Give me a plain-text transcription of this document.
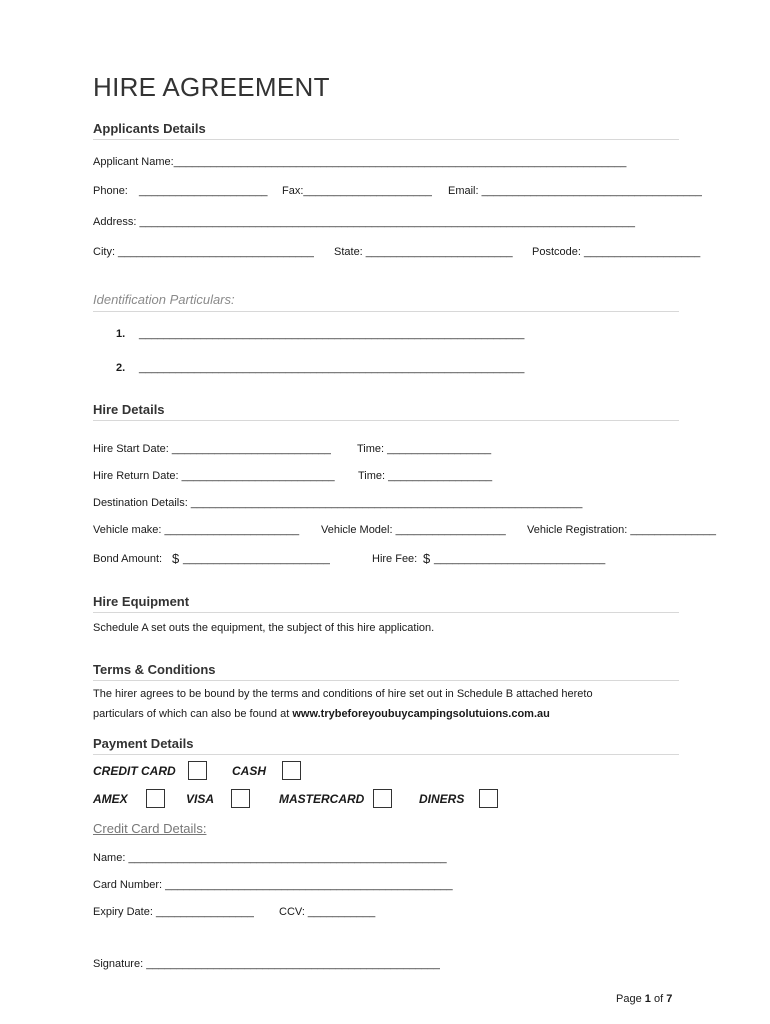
HIRE AGREEMENT
Applicants Details
Applicant Name:__________________________________________________________________________
Phone: _____________________ Fax:_____________________ Email: ____________________________________
Address: _________________________________________________________________________________
City: ________________________________ State: ________________________ Postcode: ___________________
Identification Particulars:
1. _______________________________________________________________
2. _______________________________________________________________
Hire Details
Hire Start Date: __________________________ Time: _________________
Hire Return Date: _________________________ Time: _________________
Destination Details: ________________________________________________________________
Vehicle make: ______________________ Vehicle Model: __________________ Vehicle Registration: ______________
Bond Amount: $ ________________________	Hire Fee: $ ____________________________
Hire Equipment
Schedule A set outs the equipment, the subject of this hire application.
Terms & Conditions
The hirer agrees to be bound by the terms and conditions of hire set out in Schedule B attached hereto
particulars of which can also be found at www.trybeforeyoubuycampingsolutuions.com.au
Payment Details
CREDIT CARD	CASH
AMEX	VISA	MASTERCARD	DINERS
Credit Card Details:
Name: ____________________________________________________
Card Number: _______________________________________________
Expiry Date: ________________ CCV: ___________
Signature: ________________________________________________
Page 1 of 7
